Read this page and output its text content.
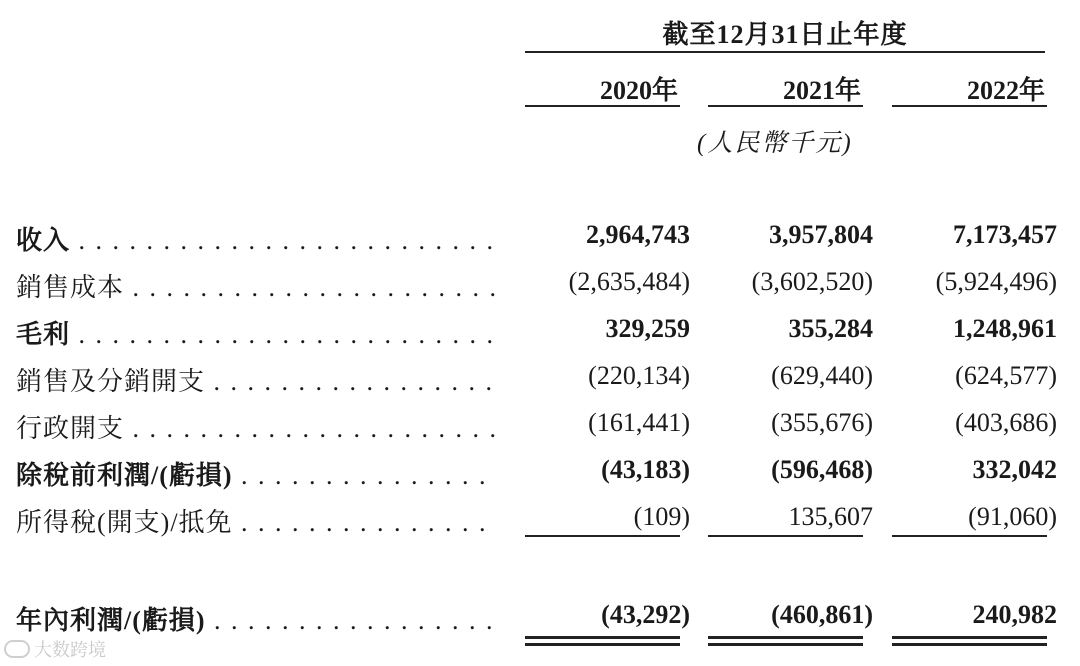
截至12月31日止年度
2020年	2021年	2022年
(人民幣千元)
收入 . . .	2,964,743	3,957,804	7,173,457
銷售成本 . . .	(2,635,484)	(3,602,520)	(5,924,496)
毛利 . . .	329,259	355,284	1,248,961
銷售及分銷開支 . . .	(220,134)	(629,440)	(624,577)
行政開支 . . .	(161,441)	(355,676)	(403,686)
除稅前利潤/(虧損) . . .	(43,183)	(596,468)	332,042
所得稅(開支)/抵免 . . .	(109)	135,607	(91,060)
年內利潤/(虧損) . . .	(43,292)	(460,861)	240,982
大数跨境
